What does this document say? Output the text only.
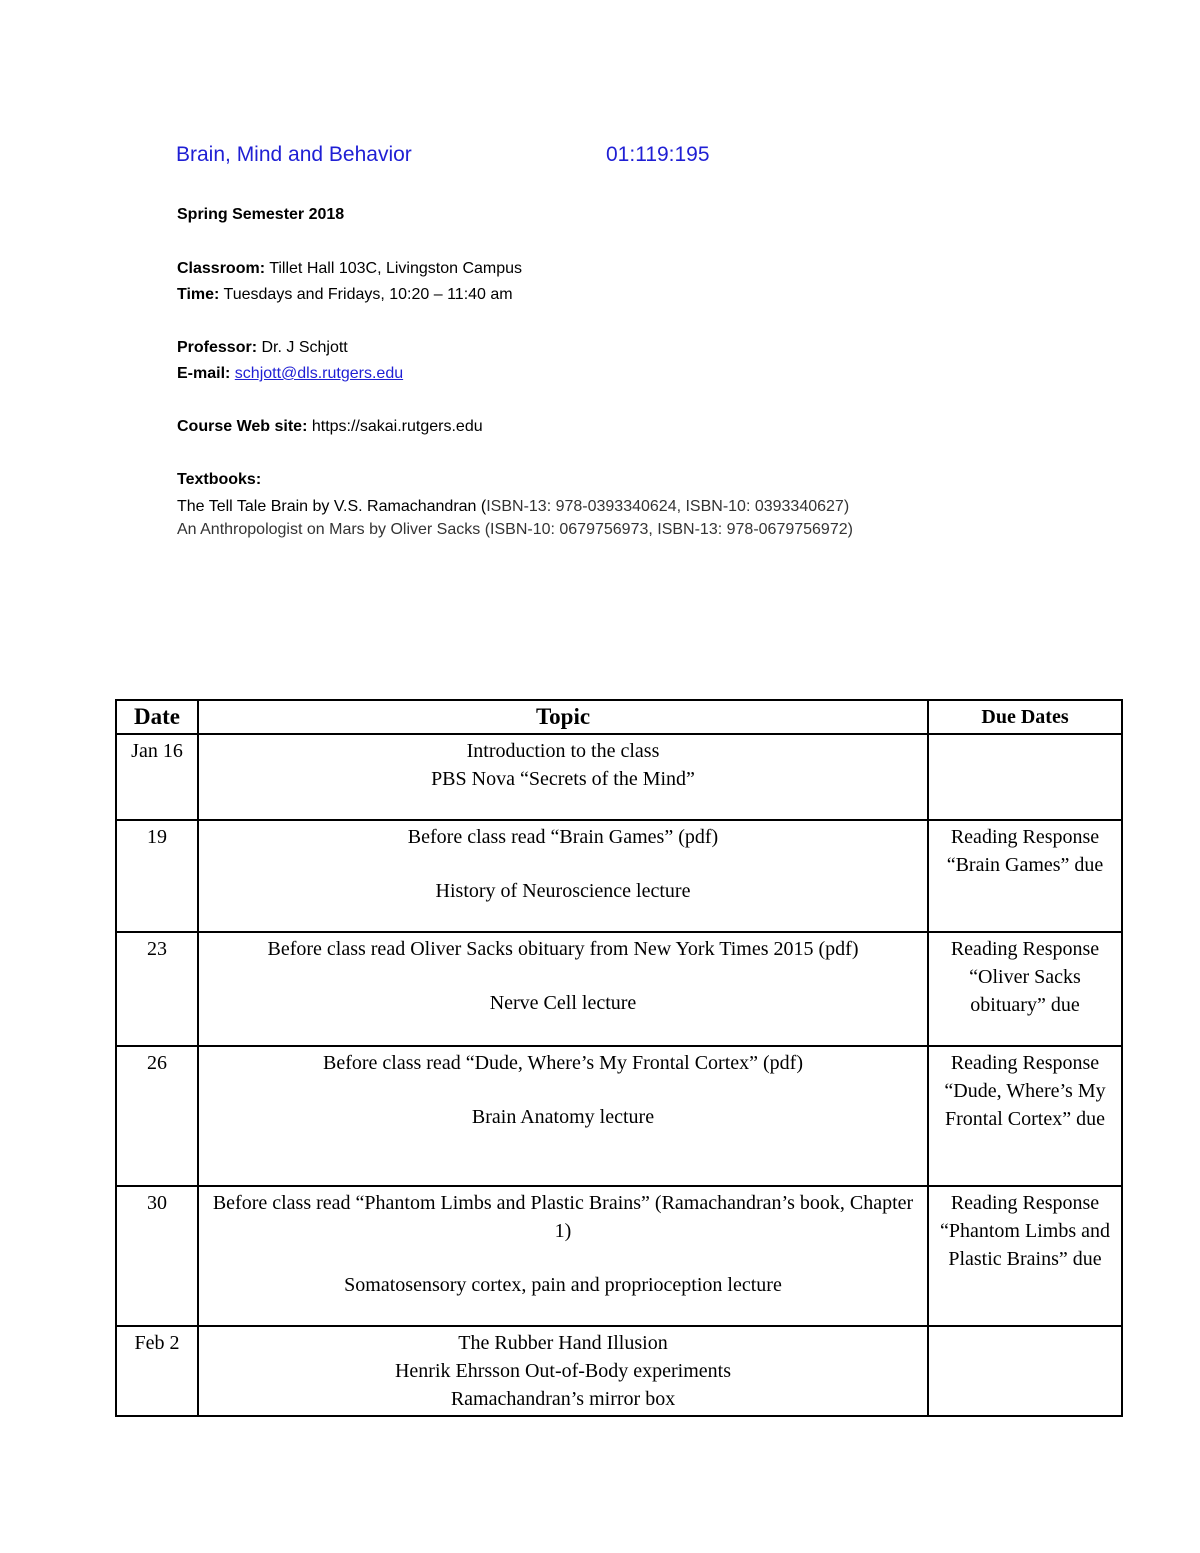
Brain, Mind and Behavior	01:119:195
Spring Semester 2018
Classroom: Tillet Hall 103C, Livingston Campus
Time: Tuesdays and Fridays, 10:20 – 11:40 am
Professor: Dr. J Schjott
E-mail: schjott@dls.rutgers.edu
Course Web site: https://sakai.rutgers.edu
Textbooks:
The Tell Tale Brain by V.S. Ramachandran (ISBN-13: 978-0393340624, ISBN-10: 0393340627)
An Anthropologist on Mars by Oliver Sacks (ISBN-10: 0679756973, ISBN-13: 978-0679756972)
Date	Topic	Due Dates
Jan 16	Introduction to the class
PBS Nova “Secrets of the Mind”	

19	Before class read “Brain Games” (pdf)
History of Neuroscience lecture	Reading Response “Brain Games” due
23	Before class read Oliver Sacks obituary from New York Times 2015 (pdf)
Nerve Cell lecture	Reading Response “Oliver Sacks obituary” due
26	Before class read “Dude, Where’s My Frontal Cortex” (pdf)
Brain Anatomy lecture	Reading Response “Dude, Where’s My Frontal Cortex” due
30	Before class read “Phantom Limbs and Plastic Brains” (Ramachandran’s book, Chapter 1)
Somatosensory cortex, pain and proprioception lecture	Reading Response “Phantom Limbs and Plastic Brains” due
Feb 2	The Rubber Hand Illusion
Henrik Ehrsson Out-of-Body experiments
Ramachandran’s mirror box	
